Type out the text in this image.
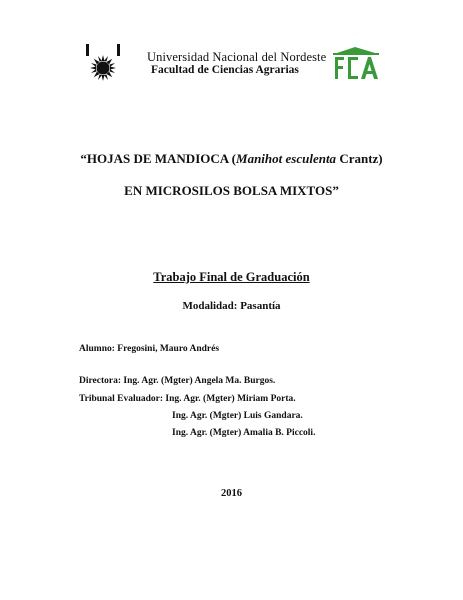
Universidad Nacional del Nordeste
Facultad de Ciencias Agrarias
“HOJAS DE MANDIOCA (Manihot esculenta Crantz)
EN MICROSILOS BOLSA MIXTOS”
Trabajo Final de Graduación
Modalidad: Pasantía
Alumno: Fregosini, Mauro Andrés
Directora: Ing. Agr. (Mgter) Angela Ma. Burgos.
Tribunal Evaluador: Ing. Agr. (Mgter) Miriam Porta.
Ing. Agr. (Mgter) Luis Gandara.
Ing. Agr. (Mgter) Amalia B. Piccoli.
2016
